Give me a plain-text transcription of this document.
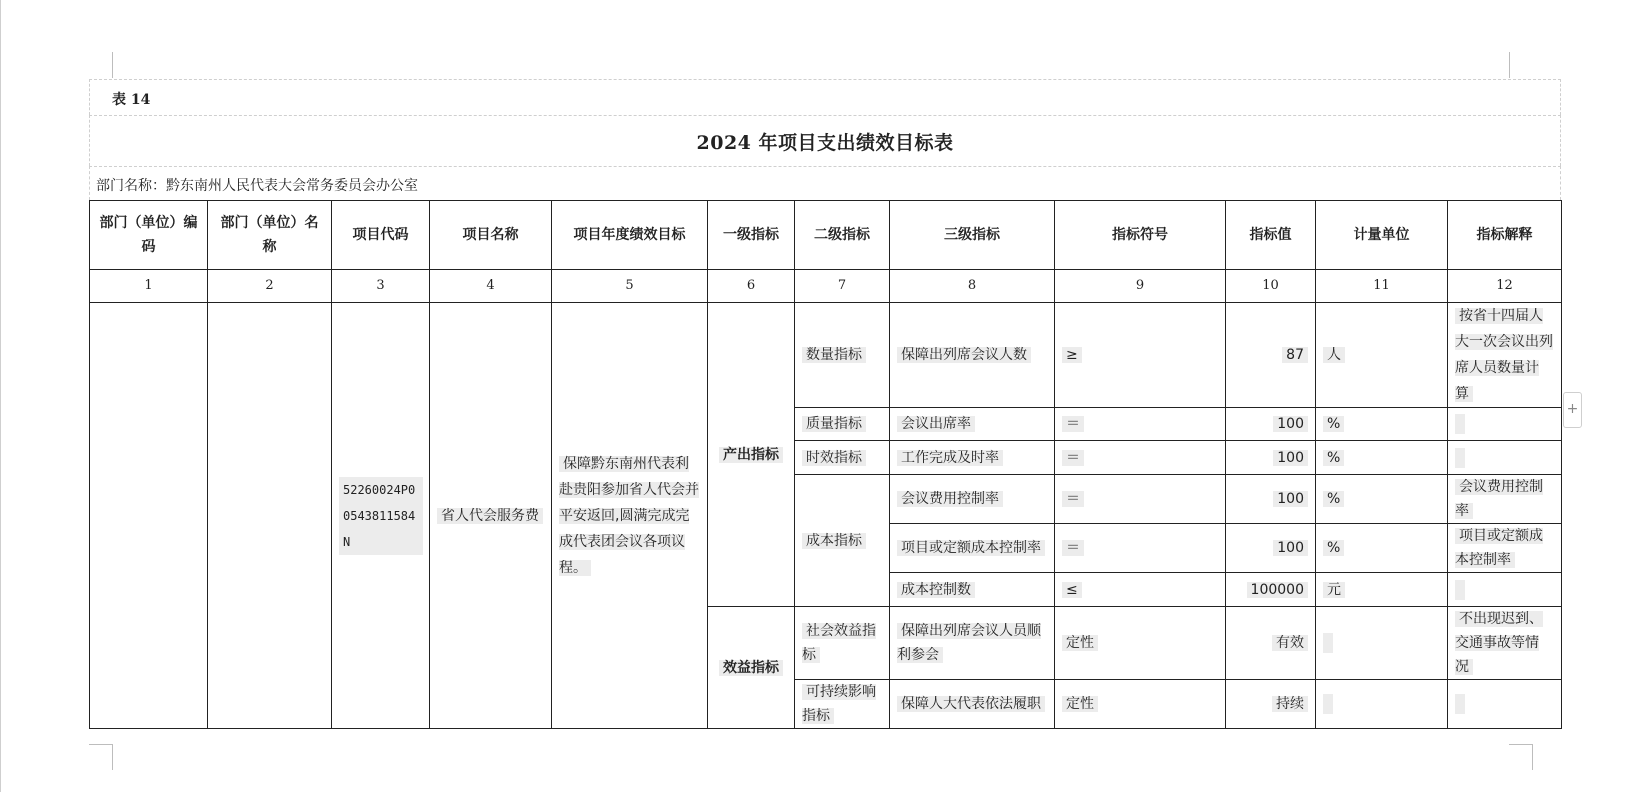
+
表 14
2024 年项目支出绩效目标表
部门名称：黔东南州人民代表大会常务委员会办公室
部门（单位）编码	部门（单位）名称	项目代码	项目名称	项目年度绩效目标	一级指标	二级指标	三级指标	指标符号	指标值	计量单位	指标解释
1	2	3	4	5	6	7	8	9	10	11	12
		52260024P00543811584N	省人代会服务费	保障黔东南州代表利赴贵阳参加省人代会并平安返回,圆满完成完成代表团会议各项议程。	产出指标	数量指标	保障出列席会议人数	≥	87	人	按省十四届人大一次会议出列席人员数量计算
						质量指标	会议出席率	＝	100	%	
						时效指标	工作完成及时率	＝	100	%	
						成本指标	会议费用控制率	＝	100	%	会议费用控制率
							项目或定额成本控制率	＝	100	%	项目或定额成本控制率
							成本控制数	≤	100000	元	
					效益指标	社会效益指标	保障出列席会议人员顺利参会	定性	有效		不出现迟到、交通事故等情况
						可持续影响指标	保障人大代表依法履职	定性	持续		
